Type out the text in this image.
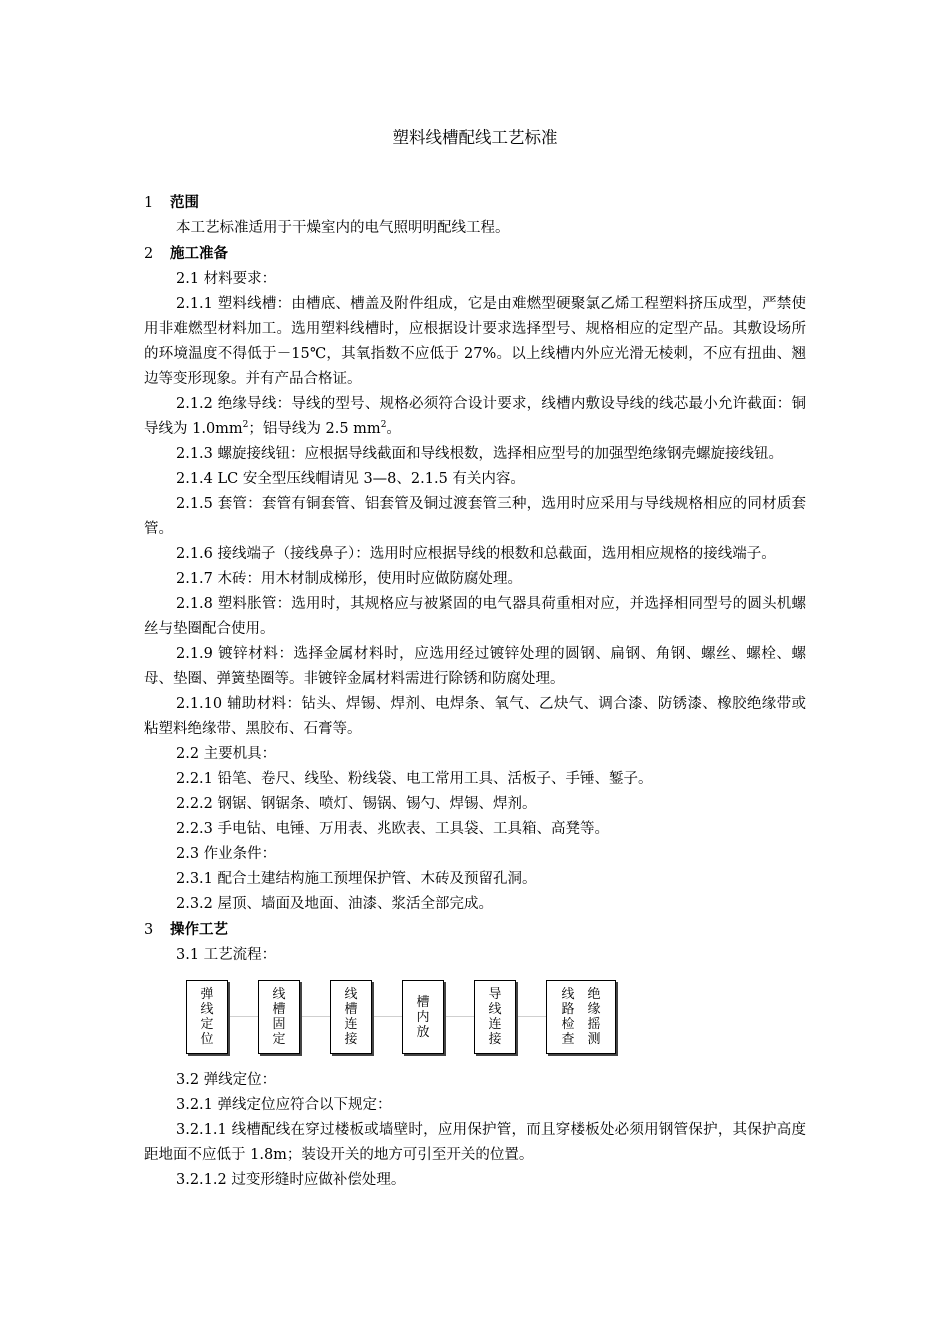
塑料线槽配线工艺标准
1 范围
本工艺标准适用于干燥室内的电气照明明配线工程。
2 施工准备
2.1 材料要求：
2.1.1 塑料线槽：由槽底、槽盖及附件组成，它是由难燃型硬聚氯乙烯工程塑料挤压成型，严禁使用非难燃型材料加工。选用塑料线槽时，应根据设计要求选择型号、规格相应的定型产品。其敷设场所的环境温度不得低于－15℃，其氧指数不应低于 27%。以上线槽内外应光滑无棱刺，不应有扭曲、翘边等变形现象。并有产品合格证。
2.1.2 绝缘导线：导线的型号、规格必须符合设计要求，线槽内敷设导线的线芯最小允许截面：铜导线为 $1.0mm^2$；铝导线为 2.5 $mm^2$。
2.1.3 螺旋接线钮：应根据导线截面和导线根数，选择相应型号的加强型绝缘钢壳螺旋接线钮。
2.1.4 LC 安全型压线帽请见 3—8、2.1.5 有关内容。
2.1.5 套管：套管有铜套管、铝套管及铜过渡套管三种，选用时应采用与导线规格相应的同材质套管。
2.1.6 接线端子（接线鼻子）：选用时应根据导线的根数和总截面，选用相应规格的接线端子。
2.1.7 木砖：用木材制成梯形，使用时应做防腐处理。
2.1.8 塑料胀管：选用时，其规格应与被紧固的电气器具荷重相对应，并选择相同型号的圆头机螺丝与垫圈配合使用。
2.1.9 镀锌材料：选择金属材料时，应选用经过镀锌处理的圆钢、扁钢、角钢、螺丝、螺栓、螺母、垫圈、弹簧垫圈等。非镀锌金属材料需进行除锈和防腐处理。
2.1.10 辅助材料：钻头、焊锡、焊剂、电焊条、氧气、乙炔气、调合漆、防锈漆、橡胶绝缘带或粘塑料绝缘带、黑胶布、石膏等。
2.2 主要机具：
2.2.1 铅笔、卷尺、线坠、粉线袋、电工常用工具、活板子、手锤、錾子。
2.2.2 钢锯、钢锯条、喷灯、锡锅、锡勺、焊锡、焊剂。
2.2.3 手电钻、电锤、万用表、兆欧表、工具袋、工具箱、高凳等。
2.3 作业条件：
2.3.1 配合土建结构施工预埋保护管、木砖及预留孔洞。
2.3.2 屋顶、墙面及地面、油漆、浆活全部完成。
3 操作工艺
3.1 工艺流程：
弹线定位
线槽固定
线槽连接
槽内放
导线连接
线路检查
绝缘摇测
3.2 弹线定位：
3.2.1 弹线定位应符合以下规定：
3.2.1.1 线槽配线在穿过楼板或墙壁时，应用保护管，而且穿楼板处必须用钢管保护，其保护高度距地面不应低于 1.8m；装设开关的地方可引至开关的位置。
3.2.1.2 过变形缝时应做补偿处理。
